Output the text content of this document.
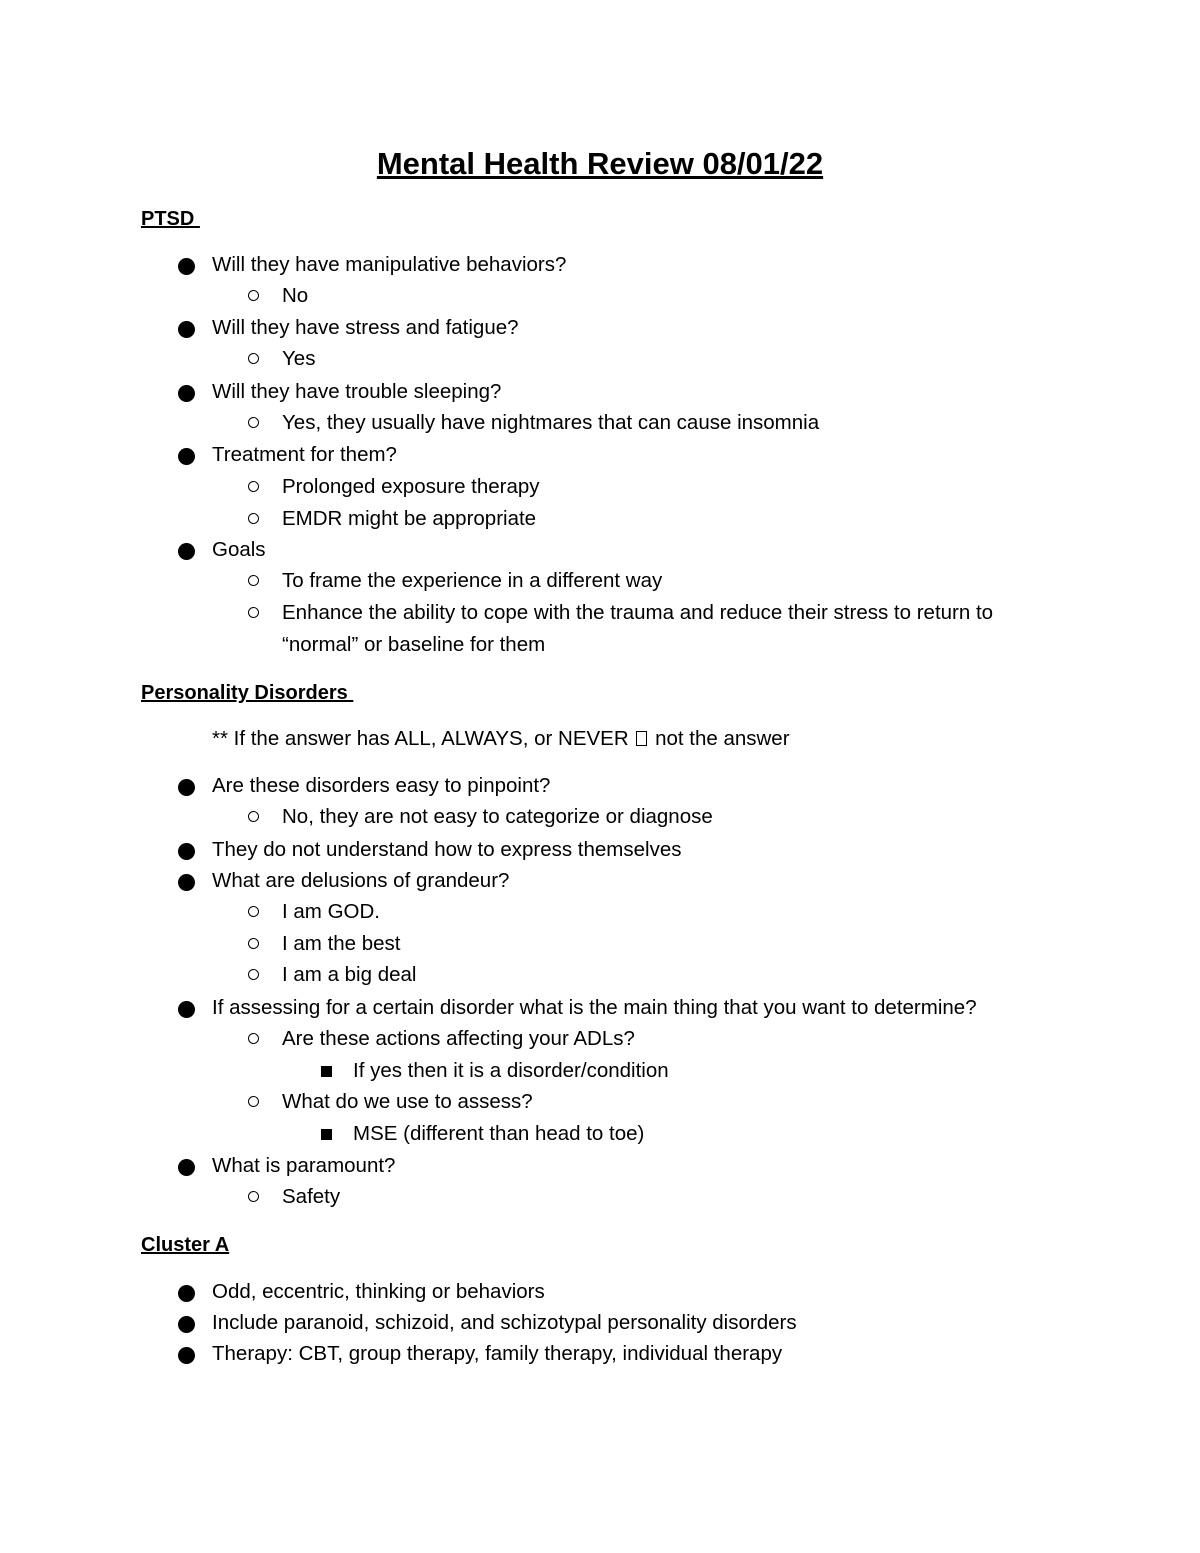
Mental Health Review 08/01/22
PTSD
Will they have manipulative behaviors?
No
Will they have stress and fatigue?
Yes
Will they have trouble sleeping?
Yes, they usually have nightmares that can cause insomnia
Treatment for them?
Prolonged exposure therapy
EMDR might be appropriate
Goals
To frame the experience in a different way
Enhance the ability to cope with the trauma and reduce their stress to return to
“normal” or baseline for them
Personality Disorders
** If the answer has ALL, ALWAYS, or NEVER not the answer
Are these disorders easy to pinpoint?
No, they are not easy to categorize or diagnose
They do not understand how to express themselves
What are delusions of grandeur?
I am GOD.
I am the best
I am a big deal
If assessing for a certain disorder what is the main thing that you want to determine?
Are these actions affecting your ADLs?
If yes then it is a disorder/condition
What do we use to assess?
MSE (different than head to toe)
What is paramount?
Safety
Cluster A
Odd, eccentric, thinking or behaviors
Include paranoid, schizoid, and schizotypal personality disorders
Therapy: CBT, group therapy, family therapy, individual therapy
